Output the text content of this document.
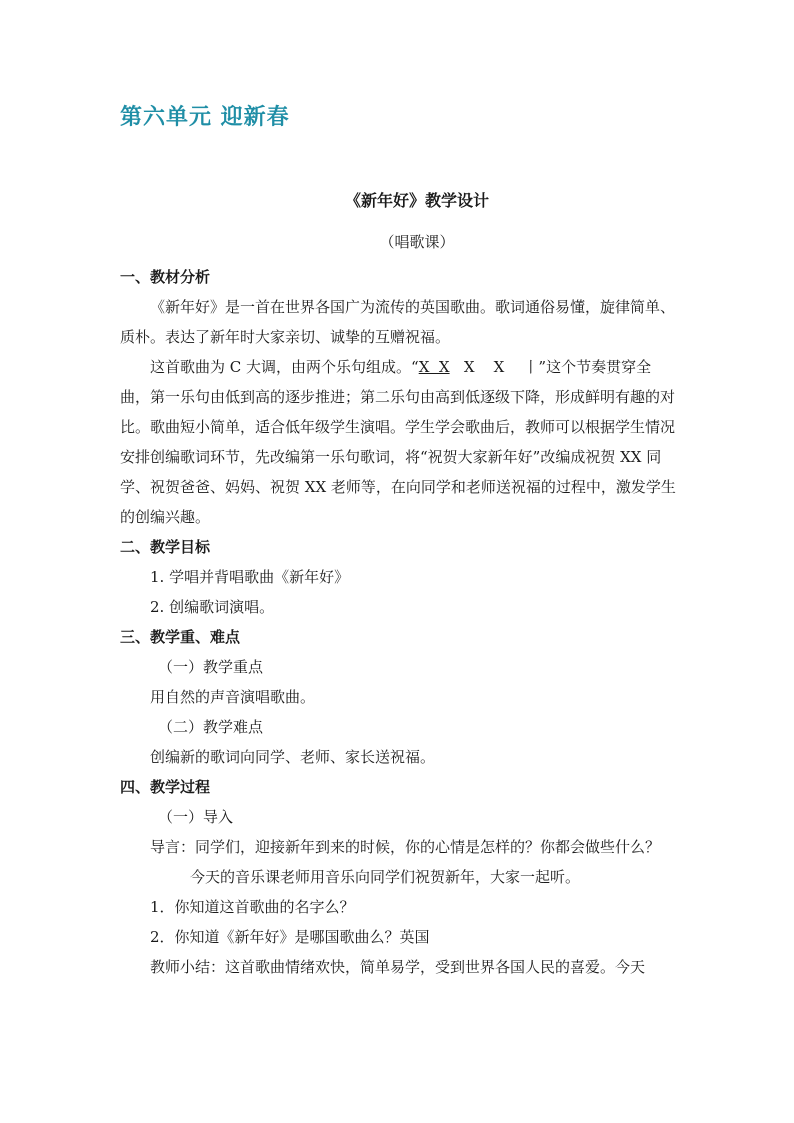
第六单元 迎新春
《新年好》教学设计

（唱歌课）

一、教材分析

《新年好》是一首在世界各国广为流传的英国歌曲。歌词通俗易懂，旋律简单、质朴。表达了新年时大家亲切、诚挚的互赠祝福。

这首歌曲为 C 大调，由两个乐句组成。“X  X   X    X    丨”这个节奏贯穿全曲，第一乐句由低到高的逐步推进；第二乐句由高到低逐级下降，形成鲜明有趣的对比。歌曲短小简单，适合低年级学生演唱。学生学会歌曲后，教师可以根据学生情况安排创编歌词环节，先改编第一乐句歌词，将“祝贺大家新年好”改编成祝贺 XX 同学、祝贺爸爸、妈妈、祝贺 XX 老师等，在向同学和老师送祝福的过程中，激发学生的创编兴趣。

二、教学目标

1. 学唱并背唱歌曲《新年好》

2. 创编歌词演唱。

三、教学重、难点

（一）教学重点

用自然的声音演唱歌曲。

（二）教学难点

创编新的歌词向同学、老师、家长送祝福。

四、教学过程

（一）导入

导言：同学们，迎接新年到来的时候，你的心情是怎样的？你都会做些什么？

今天的音乐课老师用音乐向同学们祝贺新年，大家一起听。

1．你知道这首歌曲的名字么？

2．你知道《新年好》是哪国歌曲么？英国

教师小结：这首歌曲情绪欢快，简单易学，受到世界各国人民的喜爱。今天
